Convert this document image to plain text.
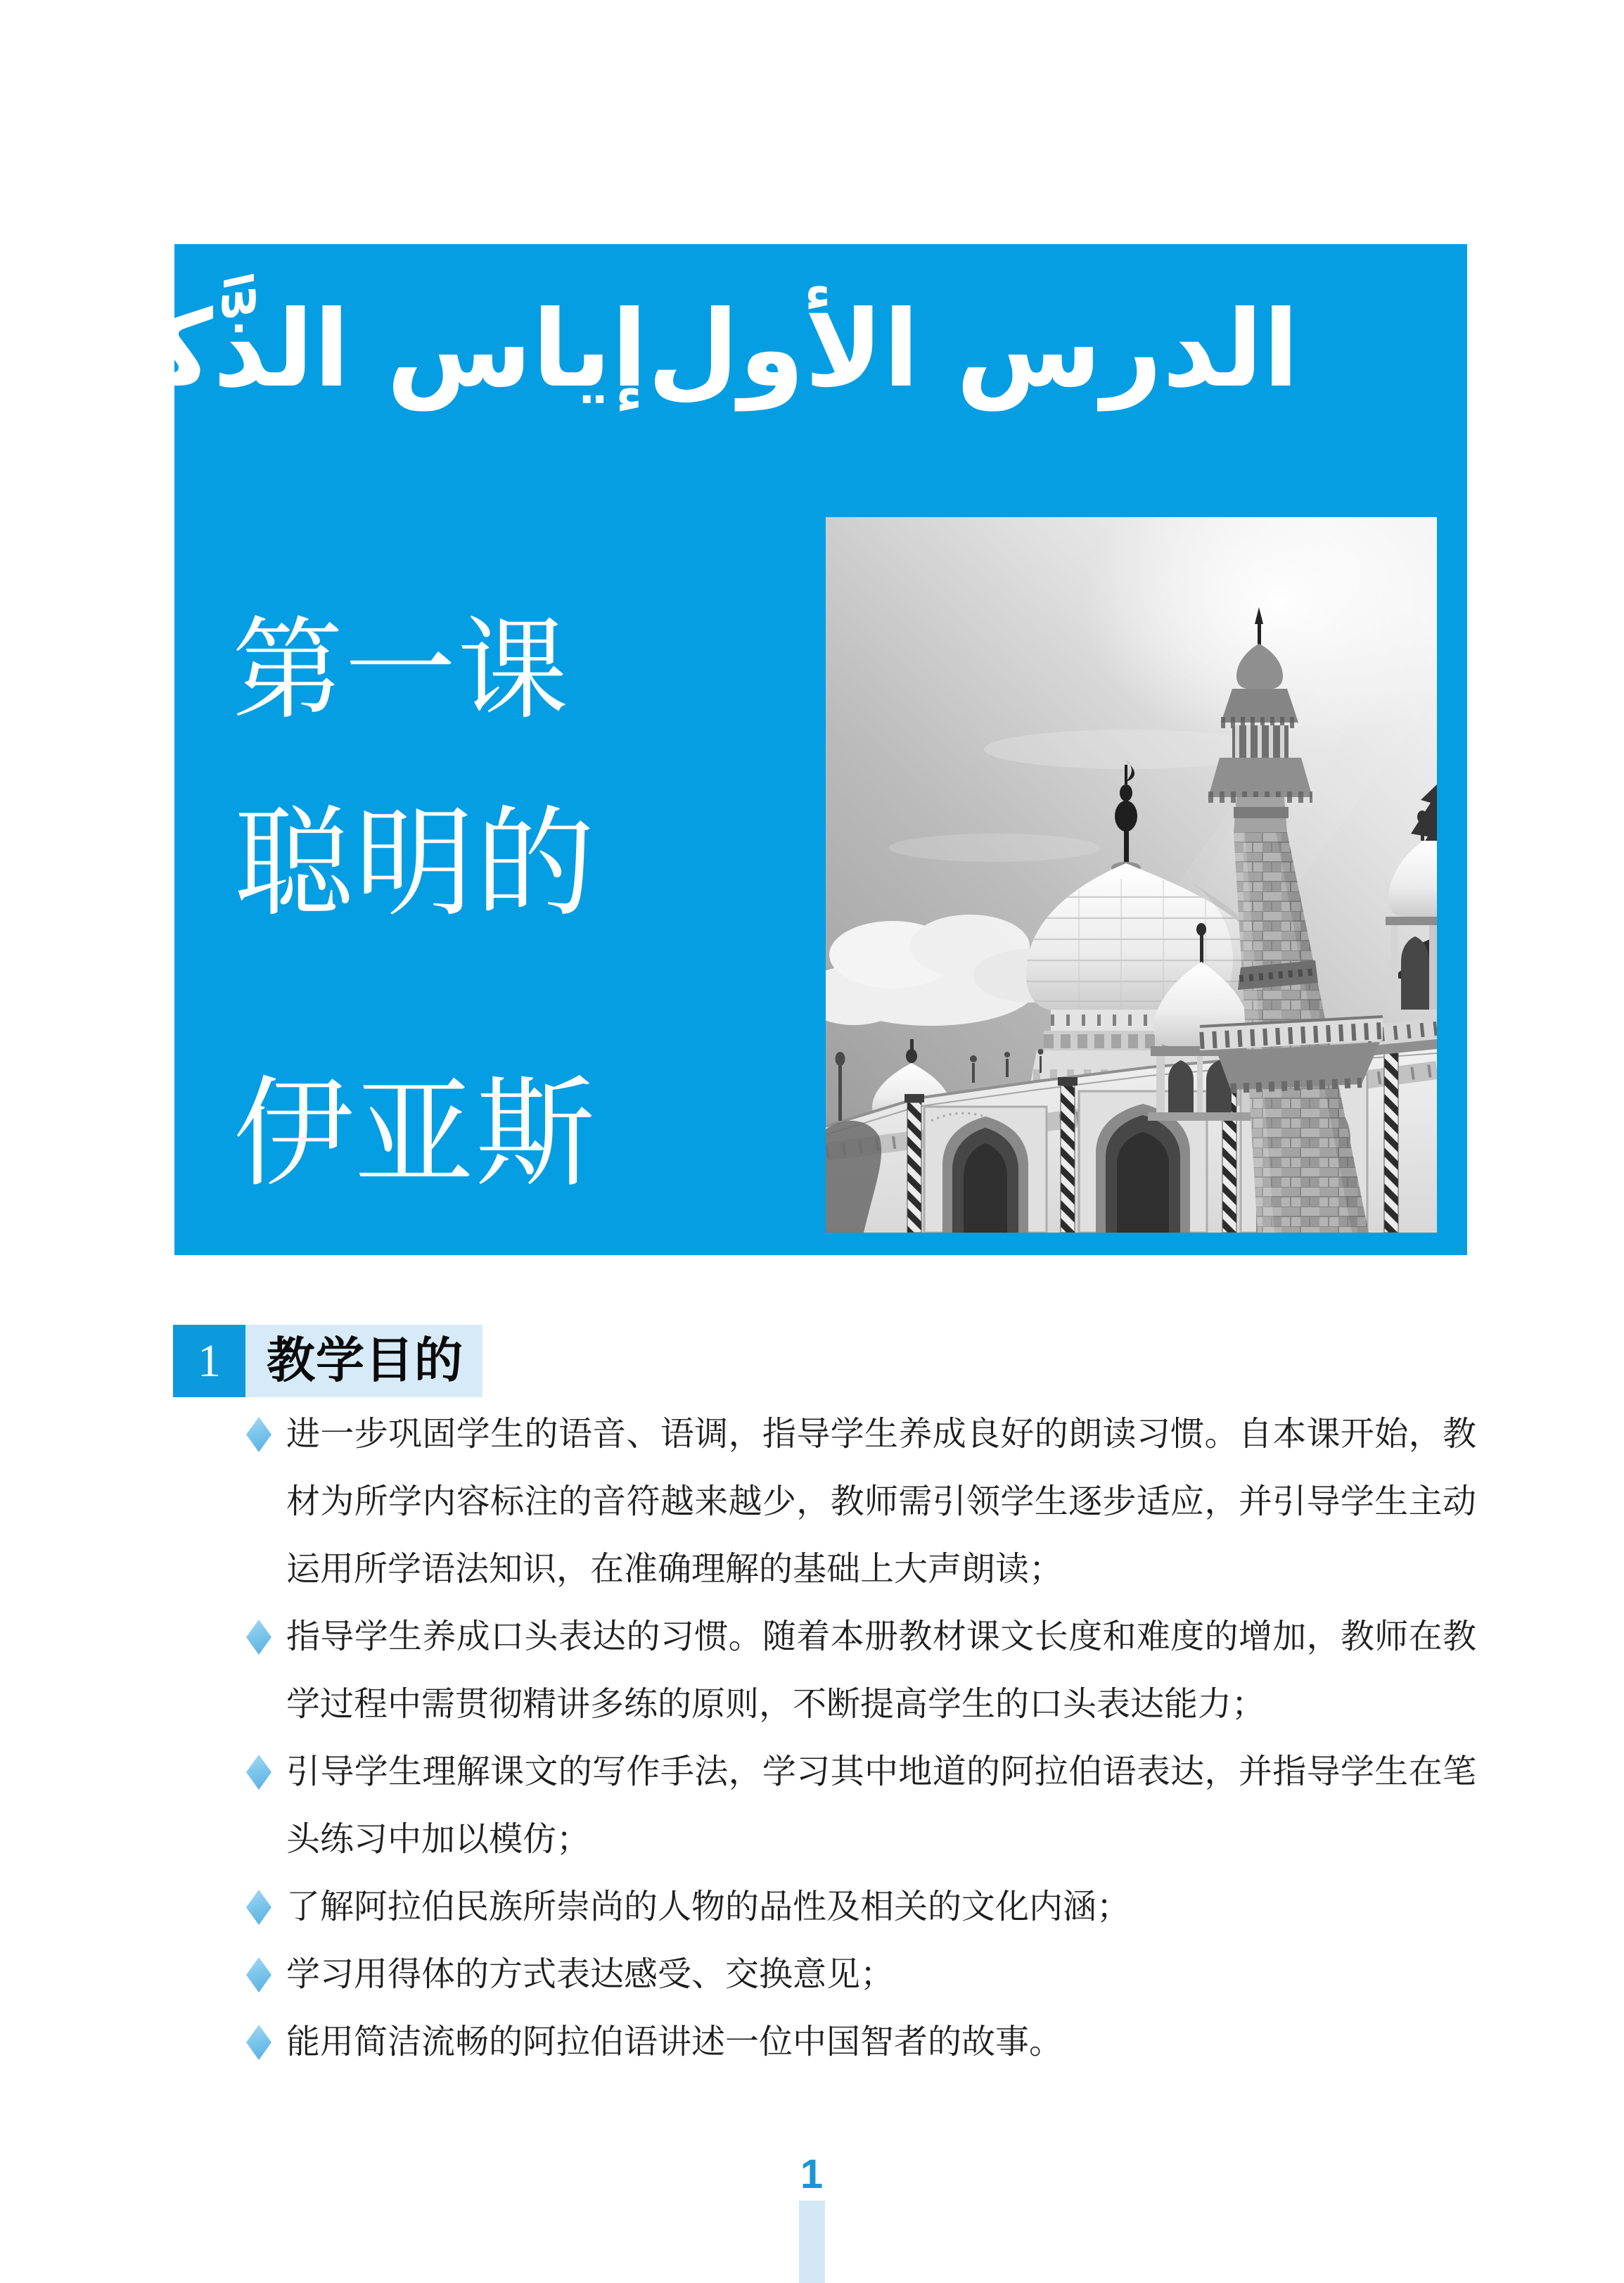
الدرس الأول
إياس الذَّكيّ
第一课
聪明的

伊亚斯

1 教学目的
进一步巩固学生的语音、语调，指导学生养成良好的朗读习惯。自本课开始，教材为所学内容标注的音符越来越少，教师需引领学生逐步适应，并引导学生主动运用所学语法知识，在准确理解的基础上大声朗读；
指导学生养成口头表达的习惯。随着本册教材课文长度和难度的增加，教师在教学过程中需贯彻精讲多练的原则，不断提高学生的口头表达能力；
引导学生理解课文的写作手法，学习其中地道的阿拉伯语表达，并指导学生在笔头练习中加以模仿；
了解阿拉伯民族所崇尚的人物的品性及相关的文化内涵；
学习用得体的方式表达感受、交换意见；
能用简洁流畅的阿拉伯语讲述一位中国智者的故事。
1
